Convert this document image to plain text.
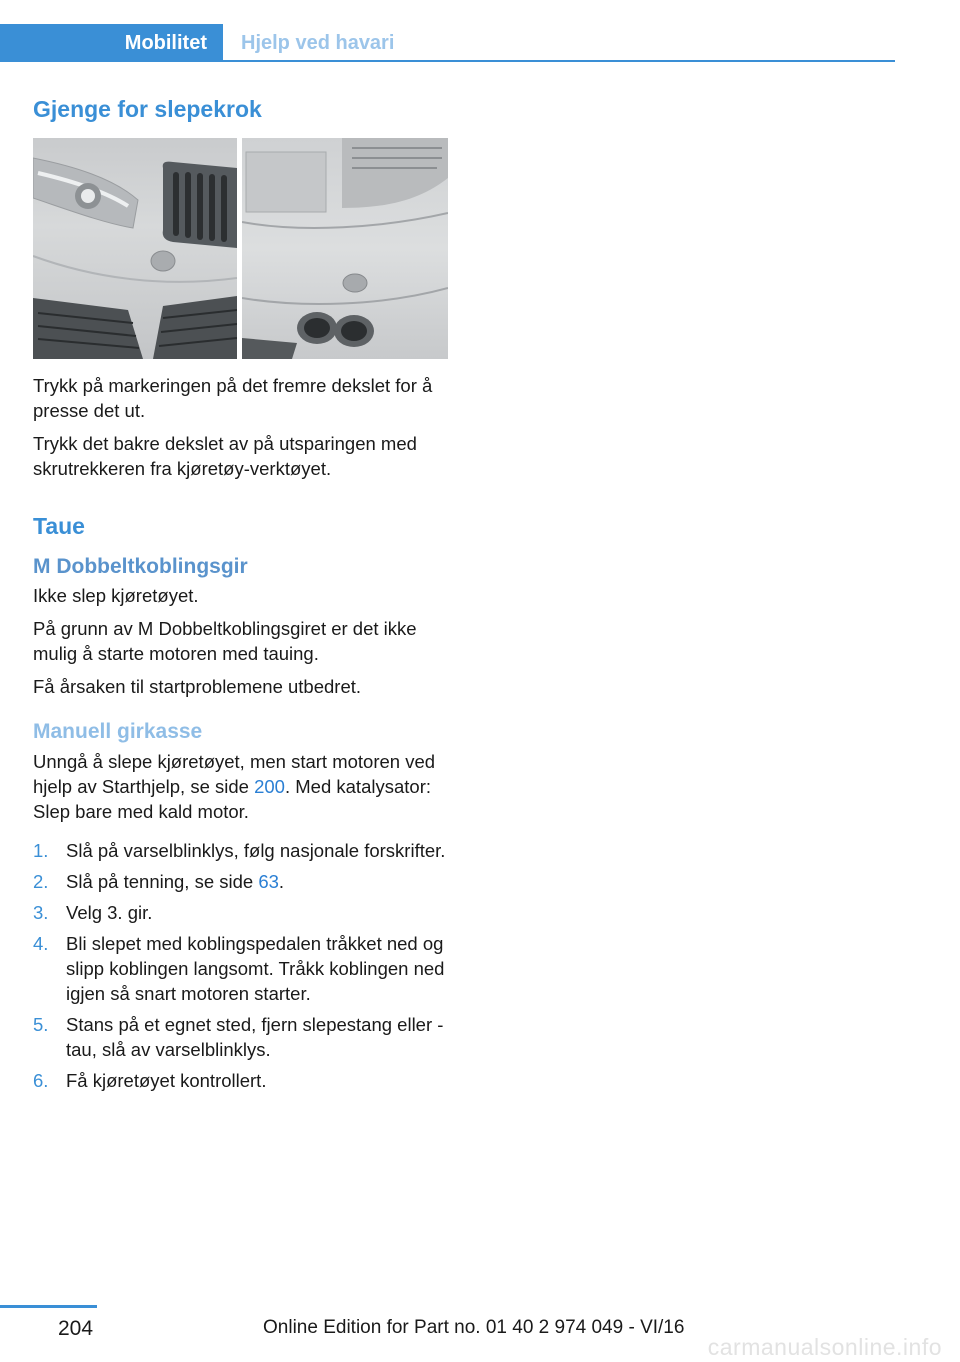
Mobilitet Hjelp ved havari
Gjenge for slepekrok

Trykk på markeringen på det fremre dekslet for å presse det ut.

Trykk det bakre dekslet av på utsparingen med skrutrekkeren fra kjøretøy-verktøyet.

Taue
M Dobbeltkoblingsgir

Ikke slep kjøretøyet.

På grunn av M Dobbeltkoblingsgiret er det ikke mulig å starte motoren med tauing.

Få årsaken til startproblemene utbedret.

Manuell girkasse

Unngå å slepe kjøretøyet, men start motoren ved hjelp av Starthjelp, se side 200. Med katalysator: Slep bare med kald motor.

1. Slå på varselblinklys, følg nasjonale forskrifter.
2. Slå på tenning, se side 63.
3. Velg 3. gir.
4. Bli slepet med koblingspedalen tråkket ned og slipp koblingen langsomt. Tråkk koblingen ned igjen så snart motoren starter.
5. Stans på et egnet sted, fjern slepestang eller -tau, slå av varselblinklys.
6. Få kjøretøyet kontrollert.
204	Online Edition for Part no. 01 40 2 974 049 - VI/16
carmanualsonline.info
